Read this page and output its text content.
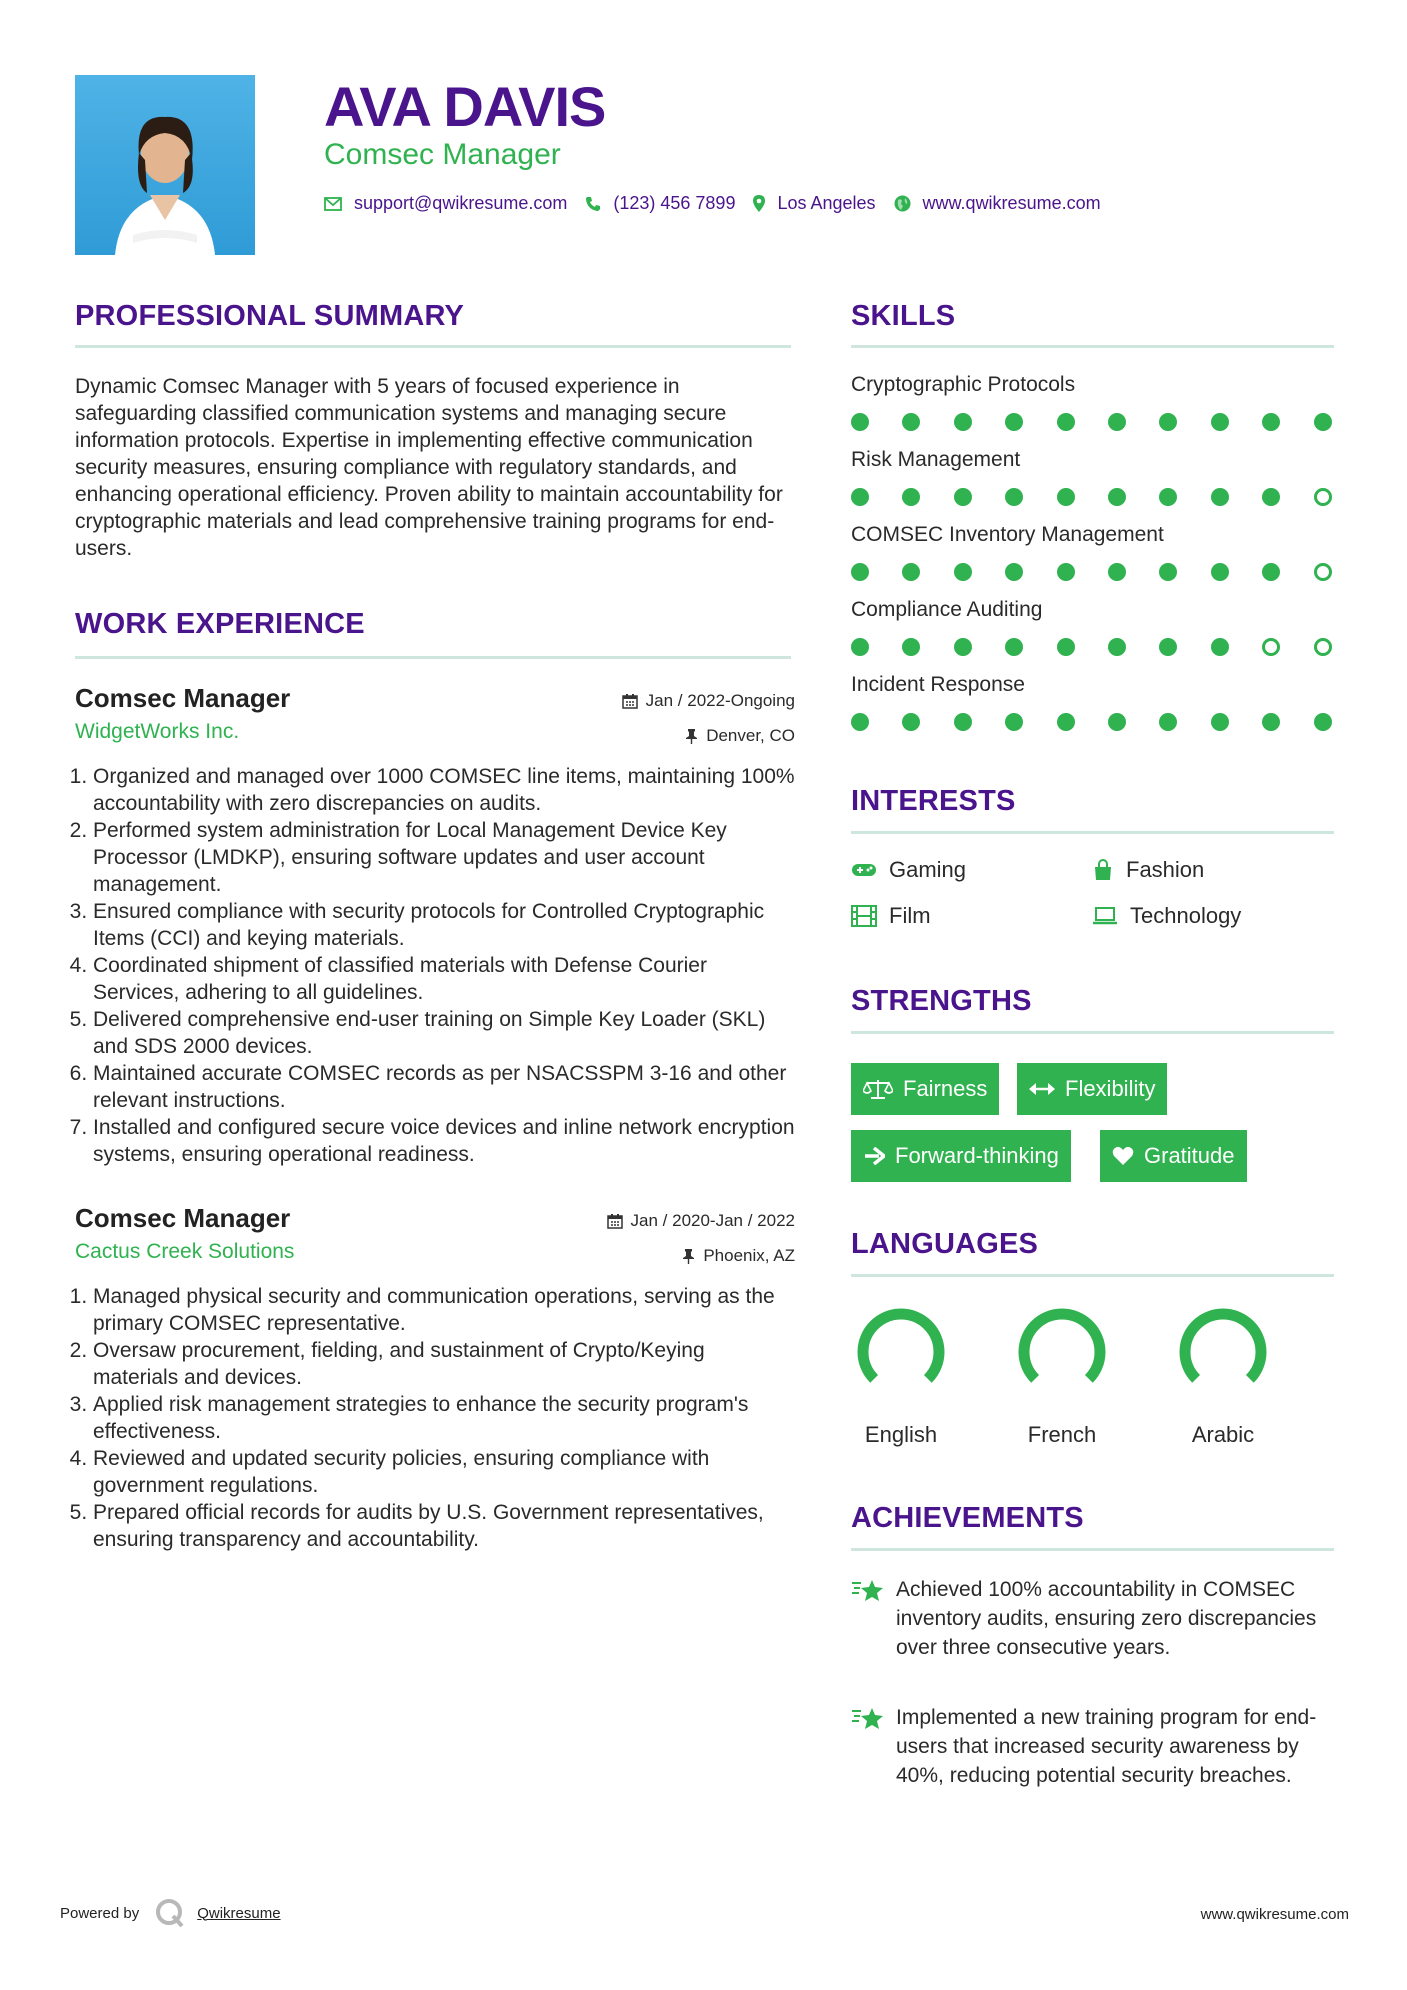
AVA DAVIS
Comsec Manager
support@qwikresume.com	(123) 456 7899 Los Angeles	www.qwikresume.com
PROFESSIONAL SUMMARY

Dynamic Comsec Manager with 5 years of focused experience in safeguarding classified communication systems and managing secure information protocols. Expertise in implementing effective communication security measures, ensuring compliance with regulatory standards, and enhancing operational efficiency. Proven ability to maintain accountability for cryptographic materials and lead comprehensive training programs for end-users.

WORK EXPERIENCE
Comsec Manager
WidgetWorks Inc.
Jan / 2022-Ongoing
Denver, CO
1. Organized and managed over 1000 COMSEC line items, maintaining 100% accountability with zero discrepancies on audits.
2. Performed system administration for Local Management Device Key Processor (LMDKP), ensuring software updates and user account management.
3. Ensured compliance with security protocols for Controlled Cryptographic Items (CCI) and keying materials.
4. Coordinated shipment of classified materials with Defense Courier Services, adhering to all guidelines.
5. Delivered comprehensive end-user training on Simple Key Loader (SKL) and SDS 2000 devices.
6. Maintained accurate COMSEC records as per NSACSSPM 3-16 and other relevant instructions.
7. Installed and configured secure voice devices and inline network encryption systems, ensuring operational readiness.
Comsec Manager
Cactus Creek Solutions
Jan / 2020-Jan / 2022
Phoenix, AZ
1. Managed physical security and communication operations, serving as the primary COMSEC representative.
2. Oversaw procurement, fielding, and sustainment of Crypto/Keying materials and devices.
3. Applied risk management strategies to enhance the security program's effectiveness.
4. Reviewed and updated security policies, ensuring compliance with government regulations.
5. Prepared official records for audits by U.S. Government representatives, ensuring transparency and accountability.
SKILLS
Cryptographic Protocols
Risk Management
COMSEC Inventory Management
Compliance Auditing
Incident Response
INTERESTS
Gaming	Fashion
Film	Technology
STRENGTHS
Fairness	Flexibility
Forward-thinking	Gratitude
LANGUAGES
English	French	Arabic
ACHIEVEMENTS

Achieved 100% accountability in COMSEC inventory audits, ensuring zero discrepancies over three consecutive years.

Implemented a new training program for end-users that increased security awareness by 40%, reducing potential security breaches.

Powered by	Qwikresume	www.qwikresume.com
